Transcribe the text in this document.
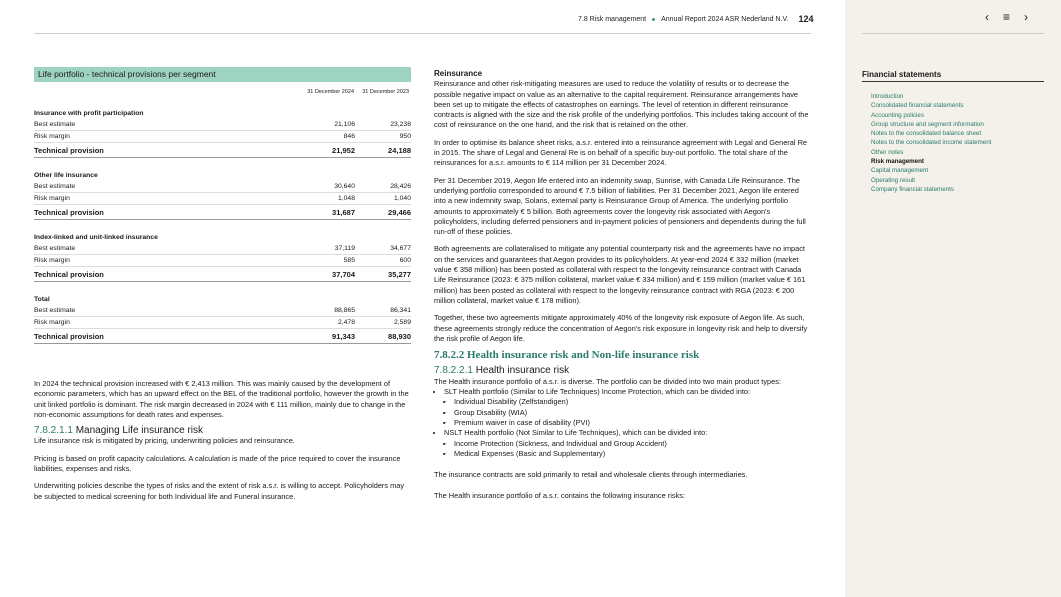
7.8 Risk management Annual Report 2024 ASR Nederland N.V. 124
Life portfolio - technical provisions per segment
31 December 2024 31 December 2023
Insurance with profit participation		
Best estimate	21,106	23,238
Risk margin	846	950
Technical provision	21,952	24,188

Other life insurance		
Best estimate	30,640	28,426
Risk margin	1,048	1,040
Technical provision	31,687	29,466

Index-linked and unit-linked insurance		
Best estimate	37,119	34,677
Risk margin	585	600
Technical provision	37,704	35,277

Total		
Best estimate	88,865	86,341
Risk margin	2,478	2,589
Technical provision	91,343	88,930

In 2024 the technical provision increased with € 2,413 million. This was mainly caused by the development of economic parameters, which has an upward effect on the BEL of the traditional portfolio, however the growth in the unit linked portfolio is dominant. The risk margin decreased in 2024 with € 111 million, mainly due to change in the non-economic assumptions for death rates and expenses.
7.8.2.1.1 Managing Life insurance risk
Life insurance risk is mitigated by pricing, underwriting policies and reinsurance.
Pricing is based on profit capacity calculations. A calculation is made of the price required to cover the insurance liabilities, expenses and risks.
Underwriting policies describe the types of risks and the extent of risk a.s.r. is willing to accept. Policyholders may be subjected to medical screening for both Individual life and Funeral insurance.
Reinsurance
Reinsurance and other risk-mitigating measures are used to reduce the volatility of results or to decrease the possible negative impact on value as an alternative to the capital requirement. Reinsurance arrangements have been set up to mitigate the effects of catastrophes on earnings. The level of retention in different reinsurance contracts is aligned with the size and the risk profile of the underlying portfolios. This includes taking account of the cost of reinsurance on the one hand, and the risk that is retained on the other.
In order to optimise its balance sheet risks, a.s.r. entered into a reinsurance agreement with Legal and General Re in 2015. The share of Legal and General Re is on behalf of a specific buy-out portfolio. The total share of the reinsurances for a.s.r. amounts to € 114 million per 31 December 2024.
Per 31 December 2019, Aegon life entered into an indemnity swap, Sunrise, with Canada Life Reinsurance. The underlying portfolio corresponded to around € 7.5 billion of liabilities. Per 31 December 2021, Aegon life entered into a new indemnity swap, Solaris, external party is Reinsurance Group of America. The underlying portfolio amounts to approximately € 5 billion. Both agreements cover the longevity risk associated with Aegon's policyholders, including deferred pensioners and in-payment policies of pensioners and dependents during the full run-off of these policies.
Both agreements are collateralised to mitigate any potential counterparty risk and the agreements have no impact on the services and guarantees that Aegon provides to its policyholders. At year-end 2024 € 332 million (market value € 358 million) has been posted as collateral with respect to the longevity reinsurance contract with Canada Life Reinsurance (2023: € 375 million collateral, market value € 334 million) and € 159 million (market value € 161 million) has been posted as collateral with respect to the longevity reinsurance contract with RGA (2023: € 200 million collateral, market value € 178 million).
Together, these two agreements mitigate approximately 40% of the longevity risk exposure of Aegon life. As such, these agreements strongly reduce the concentration of Aegon's risk exposure in longevity risk and help to diversify the risk profile of Aegon life.
7.8.2.2 Health insurance risk and Non-life insurance risk
7.8.2.2.1 Health insurance risk
The Health insurance portfolio of a.s.r. is diverse. The portfolio can be divided into two main product types:
• SLT Health portfolio (Similar to Life Techniques) Income Protection, which can be divided into:
- • Individual Disability (Zelfstandigen)
- • Group Disability (WIA)
- • Premium waiver in case of disability (PVI)
• NSLT Health portfolio (Not Similar to Life Techniques), which can be divided into:
- • Income Protection (Sickness, and Individual and Group Accident)
- • Medical Expenses (Basic and Supplementary)
The insurance contracts are sold primarily to retail and wholesale clients through intermediaries.
The Health insurance portfolio of a.s.r. contains the following insurance risks:
‹ ≡ ›
Financial statements
Introduction
Consolidated financial statements
Accounting policies
Group structure and segment information
Notes to the consolidated balance sheet
Notes to the consolidated income statement
Other notes
Risk management
Capital management
Operating result
Company financial statements
